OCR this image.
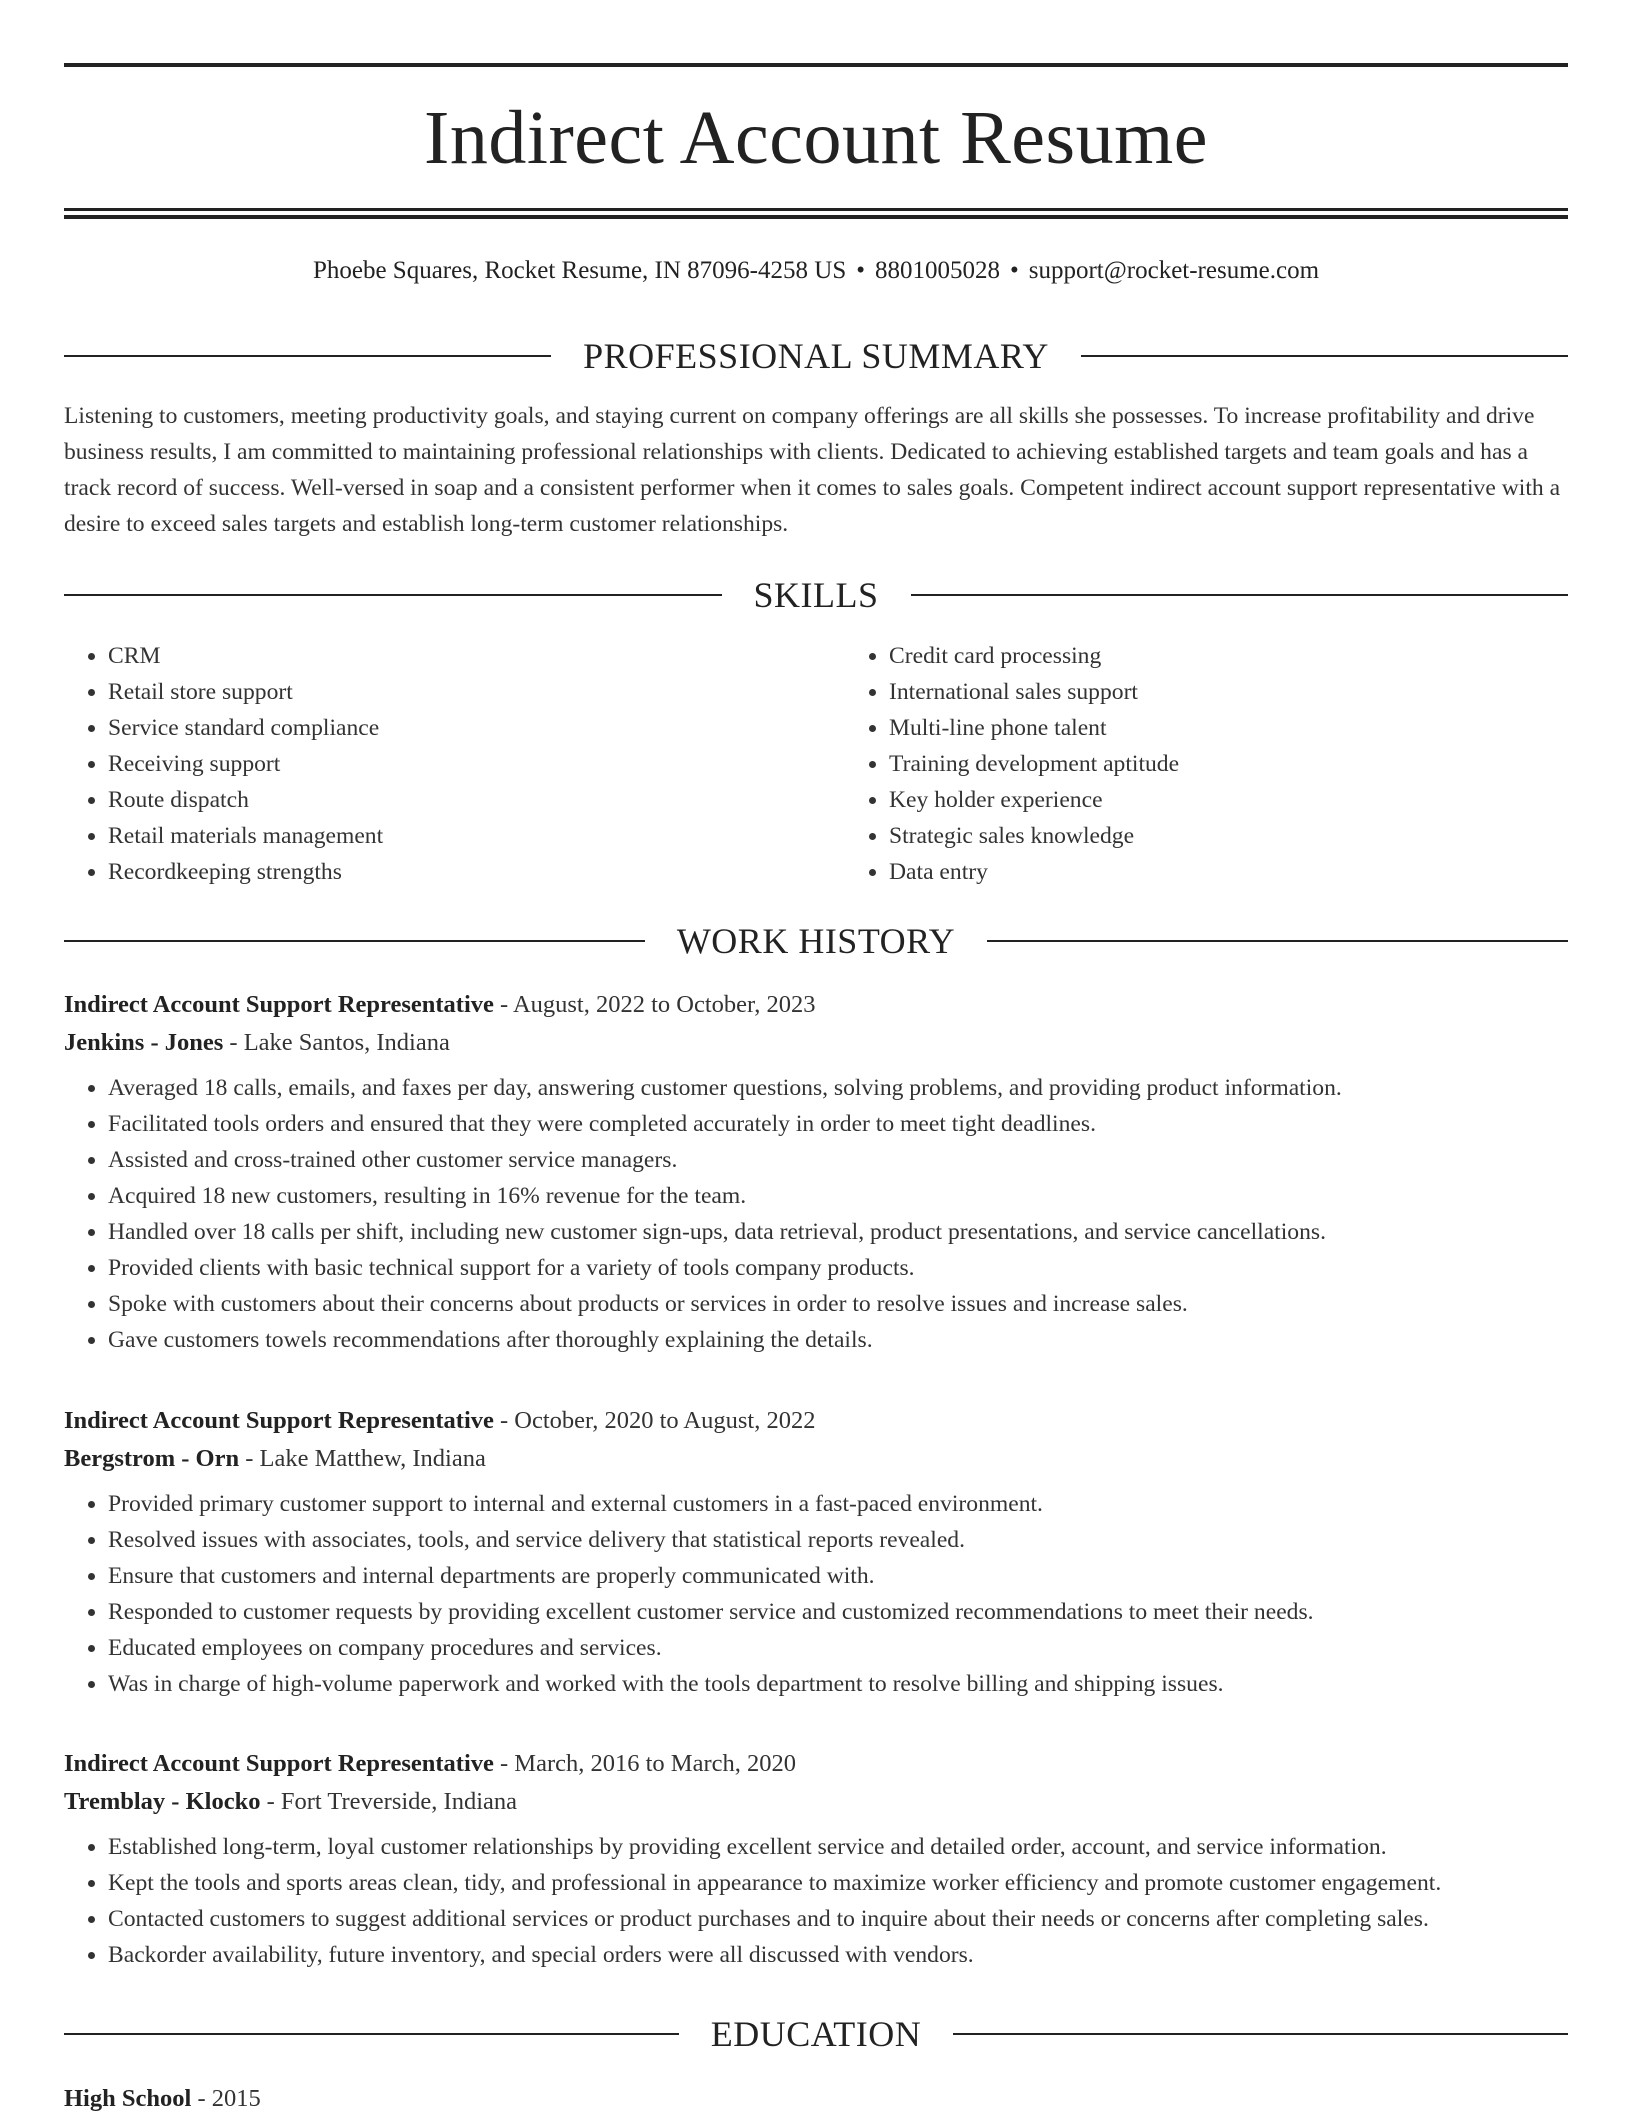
Indirect Account Resume
Phoebe Squares, Rocket Resume, IN 87096-4258 US • 8801005028 • support@rocket-resume.com
PROFESSIONAL SUMMARY
Listening to customers, meeting productivity goals, and staying current on company offerings are all skills she possesses. To increase profitability and drive business results, I am committed to maintaining professional relationships with clients. Dedicated to achieving established targets and team goals and has a track record of success. Well-versed in soap and a consistent performer when it comes to sales goals. Competent indirect account support representative with a desire to exceed sales targets and establish long-term customer relationships.
SKILLS
• CRM
• Retail store support
• Service standard compliance
• Receiving support
• Route dispatch
• Retail materials management
• Recordkeeping strengths
• Credit card processing
• International sales support
• Multi-line phone talent
• Training development aptitude
• Key holder experience
• Strategic sales knowledge
• Data entry
WORK HISTORY
Indirect Account Support Representative - August, 2022 to October, 2023
Jenkins - Jones - Lake Santos, Indiana
• Averaged 18 calls, emails, and faxes per day, answering customer questions, solving problems, and providing product information.
• Facilitated tools orders and ensured that they were completed accurately in order to meet tight deadlines.
• Assisted and cross-trained other customer service managers.
• Acquired 18 new customers, resulting in 16% revenue for the team.
• Handled over 18 calls per shift, including new customer sign-ups, data retrieval, product presentations, and service cancellations.
• Provided clients with basic technical support for a variety of tools company products.
• Spoke with customers about their concerns about products or services in order to resolve issues and increase sales.
• Gave customers towels recommendations after thoroughly explaining the details.
Indirect Account Support Representative - October, 2020 to August, 2022
Bergstrom - Orn - Lake Matthew, Indiana
• Provided primary customer support to internal and external customers in a fast-paced environment.
• Resolved issues with associates, tools, and service delivery that statistical reports revealed.
• Ensure that customers and internal departments are properly communicated with.
• Responded to customer requests by providing excellent customer service and customized recommendations to meet their needs.
• Educated employees on company procedures and services.
• Was in charge of high-volume paperwork and worked with the tools department to resolve billing and shipping issues.
Indirect Account Support Representative - March, 2016 to March, 2020
Tremblay - Klocko - Fort Treverside, Indiana
• Established long-term, loyal customer relationships by providing excellent service and detailed order, account, and service information.
• Kept the tools and sports areas clean, tidy, and professional in appearance to maximize worker efficiency and promote customer engagement.
• Contacted customers to suggest additional services or product purchases and to inquire about their needs or concerns after completing sales.
• Backorder availability, future inventory, and special orders were all discussed with vendors.
EDUCATION
High School - 2015
